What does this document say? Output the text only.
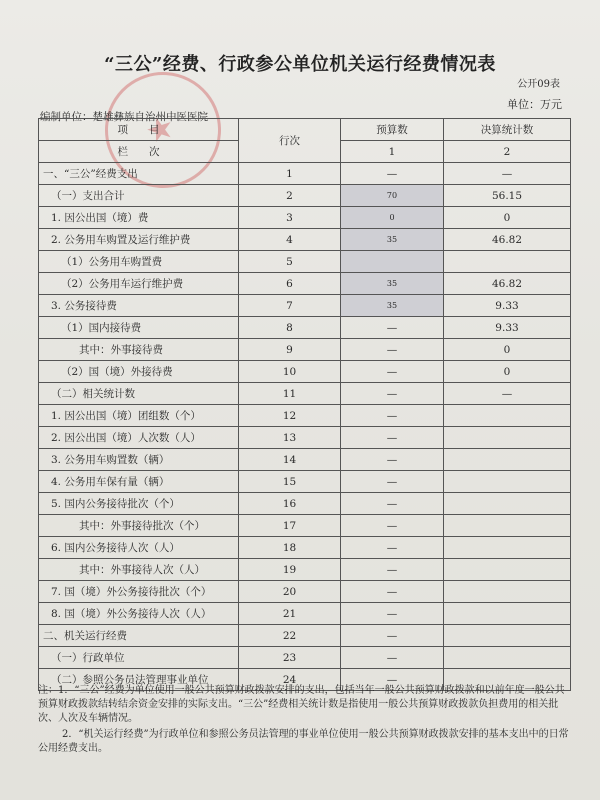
★
“三公”经费、行政参公单位机关运行经费情况表
公开09表
单位：万元
编制单位：楚雄彝族自治州中医医院
项　　目	行次	预算数	决算统计数
栏　　次		1	2
一、“三公”经费支出	1	—	—
（一）支出合计	2	70	56.15
1. 因公出国（境）费	3	0	0
2. 公务用车购置及运行维护费	4	35	46.82
（1）公务用车购置费	5		
（2）公务用车运行维护费	6	35	46.82
3. 公务接待费	7	35	9.33
（1）国内接待费	8	—	9.33
其中：外事接待费	9	—	0
（2）国（境）外接待费	10	—	0
（二）相关统计数	11	—	—
1. 因公出国（境）团组数（个）	12	—	
2. 因公出国（境）人次数（人）	13	—	
3. 公务用车购置数（辆）	14	—	
4. 公务用车保有量（辆）	15	—	
5. 国内公务接待批次（个）	16	—	
其中：外事接待批次（个）	17	—	
6. 国内公务接待人次（人）	18	—	
其中：外事接待人次（人）	19	—	
7. 国（境）外公务接待批次（个）	20	—	
8. 国（境）外公务接待人次（人）	21	—	
二、机关运行经费	22	—	
（一）行政单位	23	—	
（二）参照公务员法管理事业单位	24	—	

注：1．“三公”经费为单位使用一般公共预算财政拨款安排的支出，包括当年一般公共预算财政拨款和以前年度一般公共预算财政拨款结转结余资金安排的实际支出。“三公”经费相关统计数是指使用一般公共预算财政拨款负担费用的相关批次、人次及车辆情况。

2．“机关运行经费”为行政单位和参照公务员法管理的事业单位使用一般公共预算财政拨款安排的基本支出中的日常公用经费支出。
